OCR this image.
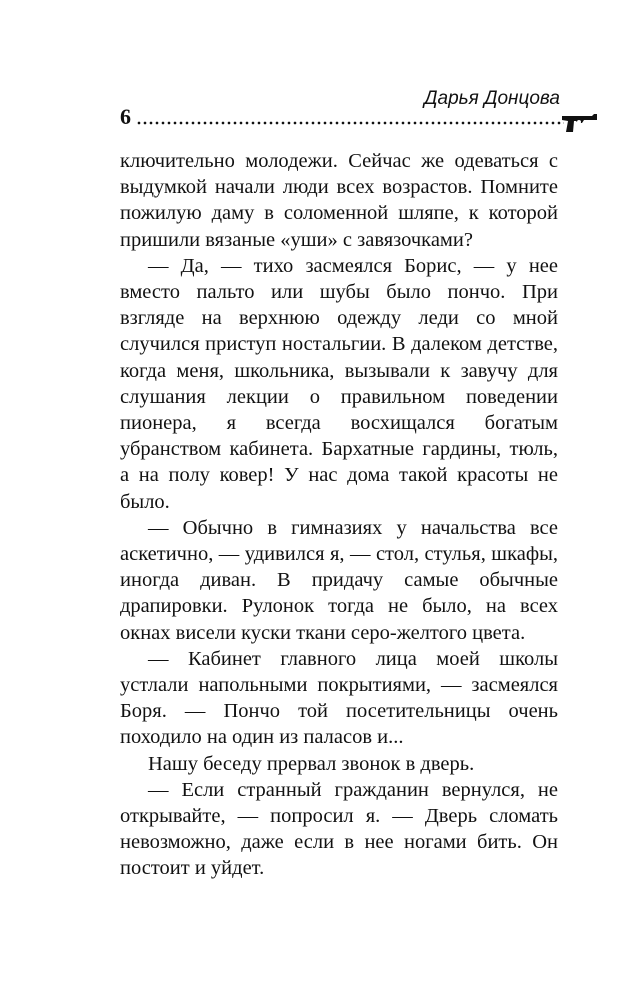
Дарья Донцова
6

ключительно молодежи. Сейчас же одеваться с выдумкой начали люди всех возрастов. Помните пожилую даму в соломенной шляпе, к которой пришили вязаные «уши» с завязочками?

— Да, — тихо засмеялся Борис, — у нее вместо пальто или шубы было пончо. При взгляде на верхнюю одежду леди со мной случился приступ ностальгии. В далеком детстве, когда меня, школьника, вызывали к завучу для слушания лекции о правильном поведении пионера, я всегда восхищался богатым убранством кабинета. Бархатные гардины, тюль, а на полу ковер! У нас дома такой красоты не было.

— Обычно в гимназиях у начальства все аскетично, — удивился я, — стол, стулья, шкафы, иногда диван. В придачу самые обычные драпировки. Рулонок тогда не было, на всех окнах висели куски ткани серо-желтого цвета.

— Кабинет главного лица моей школы устлали напольными покрытиями, — засмеялся Боря. — Пончо той посетительницы очень походило на один из паласов и...

Нашу беседу прервал звонок в дверь.

— Если странный гражданин вернулся, не открывайте, — попросил я. — Дверь сломать невозможно, даже если в нее ногами бить. Он постоит и уйдет.
